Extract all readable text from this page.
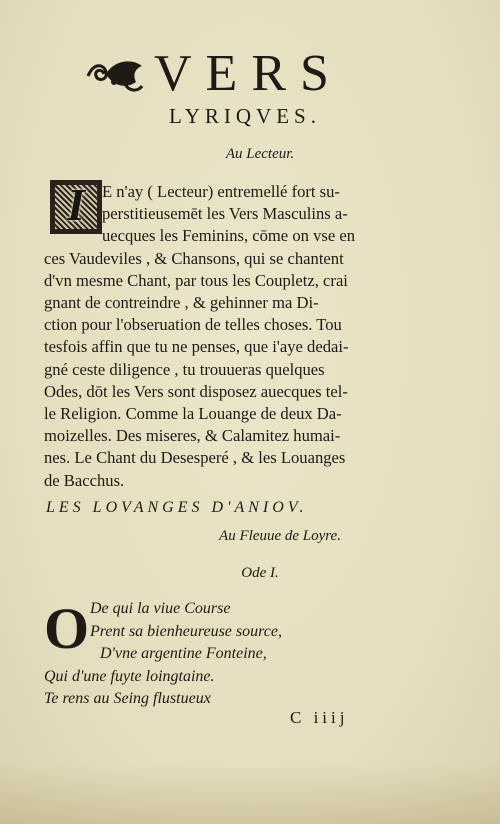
VERS
LYRIQVES.
Au Lecteur.
I	E n'ay ( Lecteur) entremellé fort su-
perstitieusemēt les Vers Masculins a-
uecques les Feminins, cōme on vse en
ces Vaudeviles , & Chansons, qui se chantent
d'vn mesme Chant, par tous les Coupletz, crai
gnant de contreindre , & gehinner ma Di-
ction pour l'obseruation de telles choses. Tou
tesfois affin que tu ne penses, que i'aye dedai-
gné ceste diligence , tu trouueras quelques
Odes, dōt les Vers sont disposez auecques tel-
le Religion. Comme la Louange de deux Da-
moizelles. Des miseres, & Calamitez humai-
nes. Le Chant du Desesperé , & les Louanges
de Bacchus.
LES LOVANGES D'ANIOV.
Au Fleuue de Loyre.
Ode I.
O De qui la viue Course
Prent sa bienheureuse source,
D'vne argentine Fonteine,
Qui d'une fuyte loingtaine.
Te rens au Seing flustueux
C iiij
